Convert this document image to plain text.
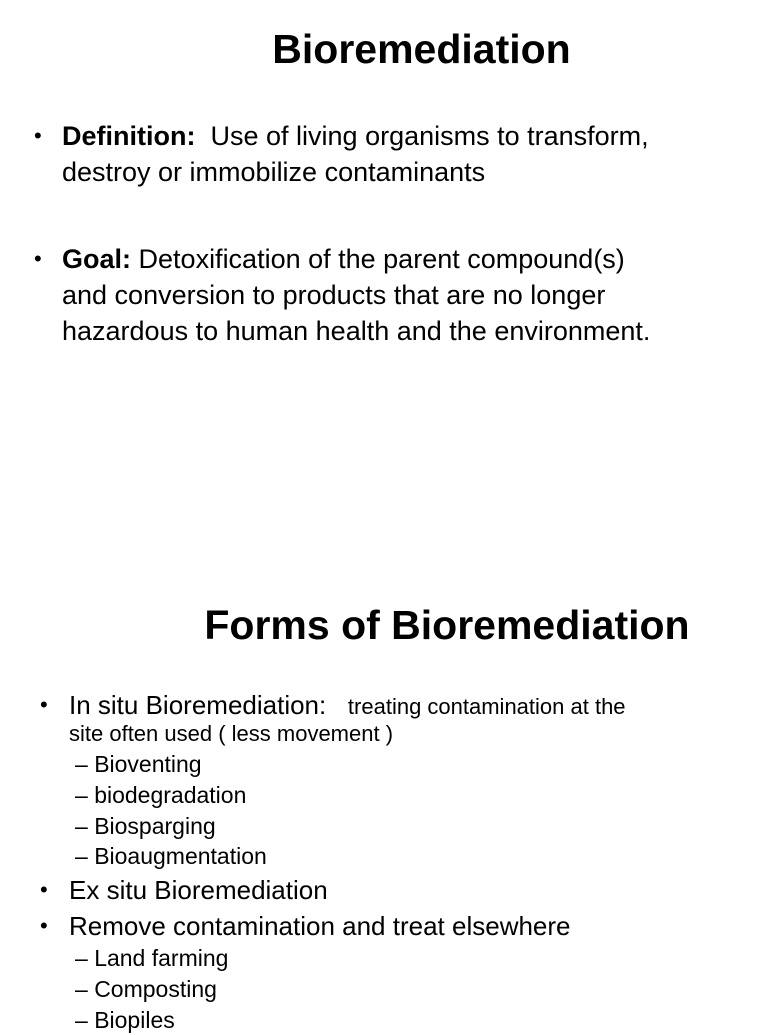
Bioremediation
• Definition: Use of living organisms to transform,
destroy or immobilize contaminants
• Goal: Detoxification of the parent compound(s)
and conversion to products that are no longer
hazardous to human health and the environment.
Forms of Bioremediation
• In situ Bioremediation: treating contamination at the
site often used ( less movement )
– Bioventing
– biodegradation
– Biosparging
– Bioaugmentation
• Ex situ Bioremediation
• Remove contamination and treat elsewhere
– Land farming
– Composting
– Biopiles
